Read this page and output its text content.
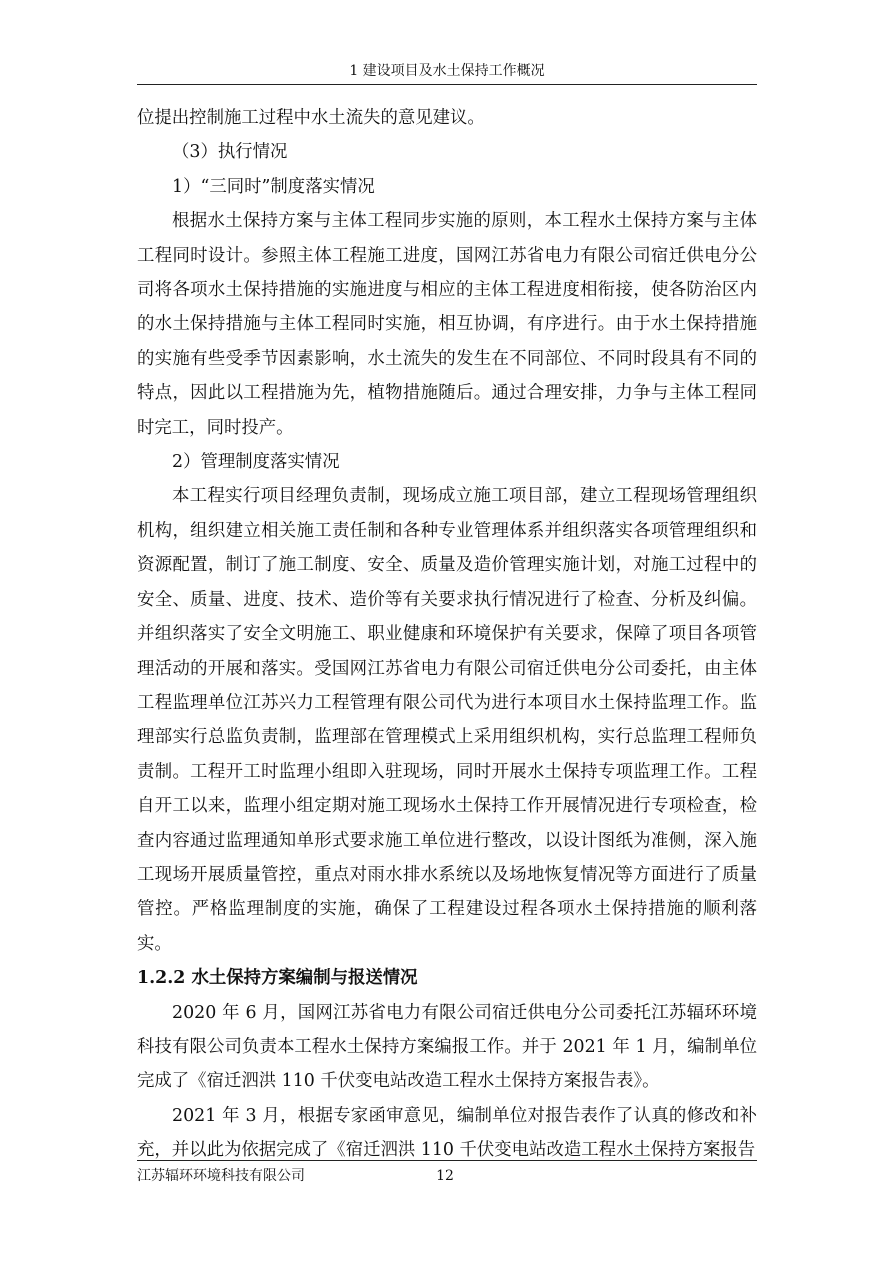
1 建设项目及水土保持工作概况

位提出控制施工过程中水土流失的意见建议。

（3）执行情况

1）“三同时”制度落实情况

根据水土保持方案与主体工程同步实施的原则，本工程水土保持方案与主体工程同时设计。参照主体工程施工进度，国网江苏省电力有限公司宿迁供电分公司将各项水土保持措施的实施进度与相应的主体工程进度相衔接，使各防治区内的水土保持措施与主体工程同时实施，相互协调，有序进行。由于水土保持措施的实施有些受季节因素影响，水土流失的发生在不同部位、不同时段具有不同的特点，因此以工程措施为先，植物措施随后。通过合理安排，力争与主体工程同时完工，同时投产。

2）管理制度落实情况

本工程实行项目经理负责制，现场成立施工项目部，建立工程现场管理组织机构，组织建立相关施工责任制和各种专业管理体系并组织落实各项管理组织和资源配置，制订了施工制度、安全、质量及造价管理实施计划，对施工过程中的安全、质量、进度、技术、造价等有关要求执行情况进行了检查、分析及纠偏。并组织落实了安全文明施工、职业健康和环境保护有关要求，保障了项目各项管理活动的开展和落实。受国网江苏省电力有限公司宿迁供电分公司委托，由主体工程监理单位江苏兴力工程管理有限公司代为进行本项目水土保持监理工作。监理部实行总监负责制，监理部在管理模式上采用组织机构，实行总监理工程师负责制。工程开工时监理小组即入驻现场，同时开展水土保持专项监理工作。工程自开工以来，监理小组定期对施工现场水土保持工作开展情况进行专项检查，检查内容通过监理通知单形式要求施工单位进行整改，以设计图纸为准侧，深入施工现场开展质量管控，重点对雨水排水系统以及场地恢复情况等方面进行了质量管控。严格监理制度的实施，确保了工程建设过程各项水土保持措施的顺利落实。

1.2.2 水土保持方案编制与报送情况

2020 年 6 月，国网江苏省电力有限公司宿迁供电分公司委托江苏辐环环境科技有限公司负责本工程水土保持方案编报工作。并于 2021 年 1 月，编制单位完成了《宿迁泗洪 110 千伏变电站改造工程水土保持方案报告表》。

2021 年 3 月，根据专家函审意见，编制单位对报告表作了认真的修改和补充，并以此为依据完成了《宿迁泗洪 110 千伏变电站改造工程水土保持方案报告

江苏辐环环境科技有限公司	12
